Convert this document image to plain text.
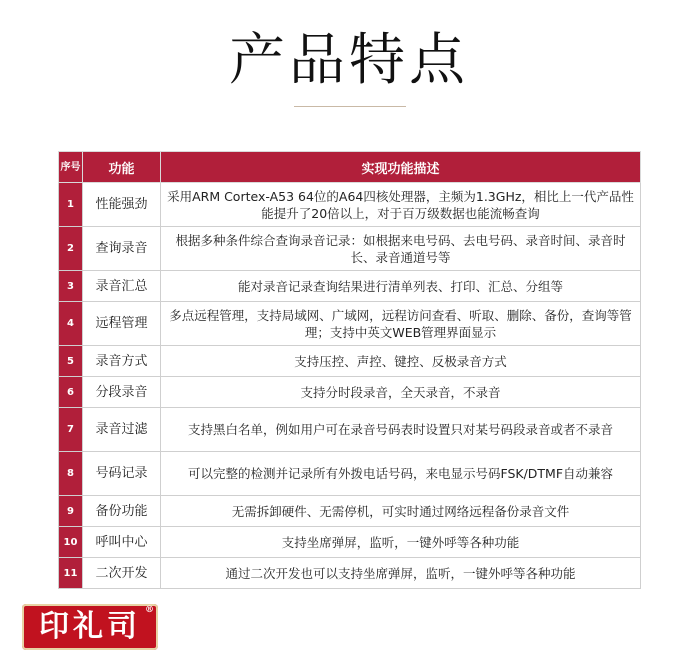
产品特点
序号	功能	实现功能描述
1	性能强劲	采用ARM Cortex-A53 64位的A64四核处理器，主频为1.3GHz，相比上一代产品性能提升了20倍以上，对于百万级数据也能流畅查询
2	查询录音	根据多种条件综合查询录音记录：如根据来电号码、去电号码、录音时间、录音时长、录音通道号等
3	录音汇总	能对录音记录查询结果进行清单列表、打印、汇总、分组等
4	远程管理	多点远程管理，支持局域网、广域网，远程访问查看、听取、删除、备份，查询等管理；支持中英文WEB管理界面显示
5	录音方式	支持压控、声控、键控、反极录音方式
6	分段录音	支持分时段录音，全天录音，不录音
7	录音过滤	支持黑白名单，例如用户可在录音号码表时设置只对某号码段录音或者不录音
8	号码记录	可以完整的检测并记录所有外拨电话号码，来电显示号码FSK/DTMF自动兼容
9	备份功能	无需拆卸硬件、无需停机，可实时通过网络远程备份录音文件
10	呼叫中心	支持坐席弹屏，监听，一键外呼等各种功能
11	二次开发	通过二次开发也可以支持坐席弹屏，监听，一键外呼等各种功能
印礼司 ®
